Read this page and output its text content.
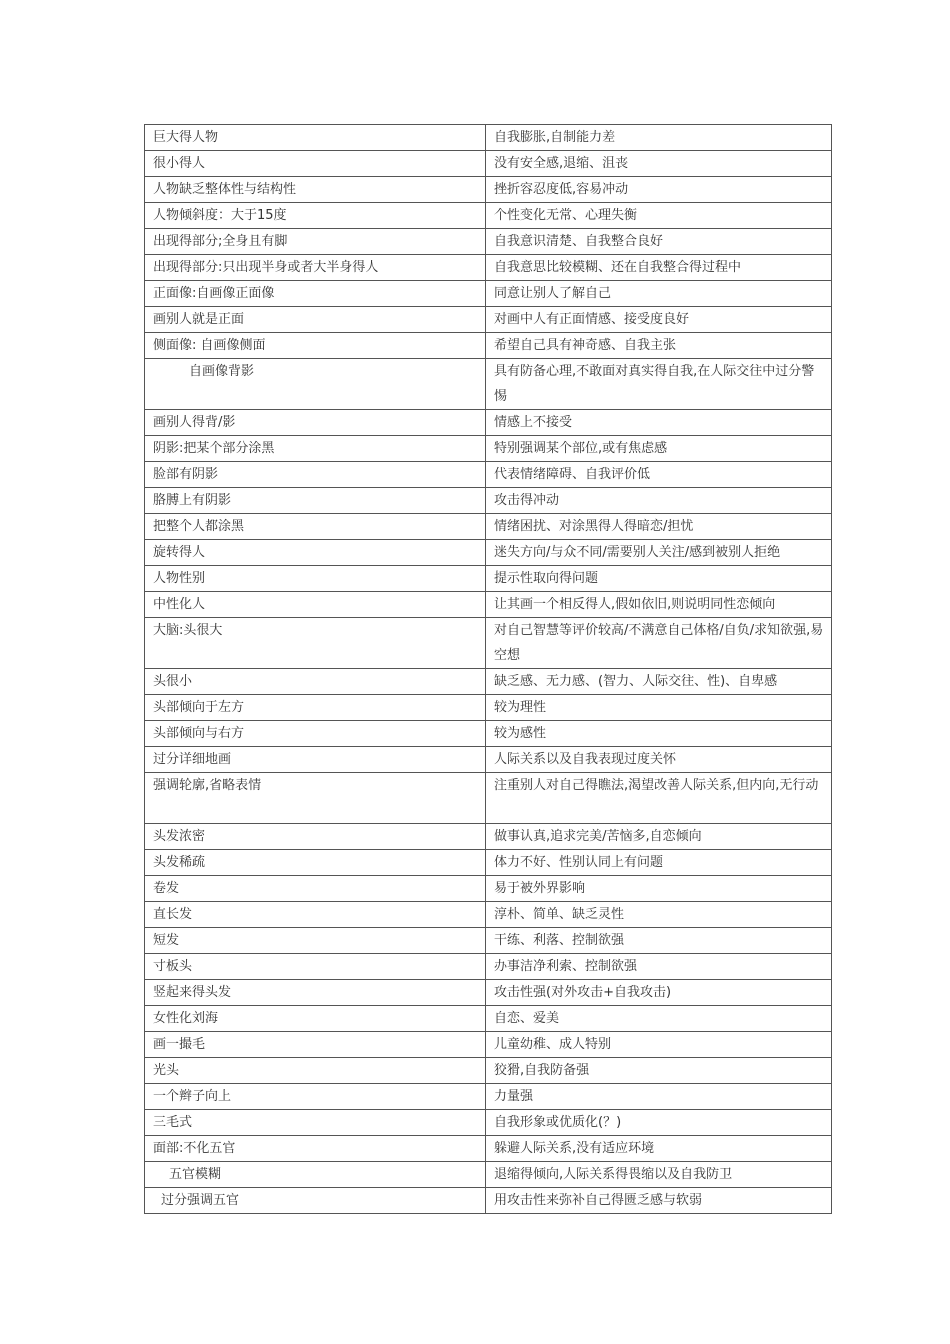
巨大得人物	自我膨胀,自制能力差
很小得人	没有安全感,退缩、沮丧
人物缺乏整体性与结构性	挫折容忍度低,容易冲动
人物倾斜度：大于15度	个性变化无常、心理失衡
出现得部分;全身且有脚	自我意识清楚、自我整合良好
出现得部分:只出现半身或者大半身得人	自我意思比较模糊、还在自我整合得过程中
正面像:自画像正面像	同意让别人了解自己
画别人就是正面	对画中人有正面情感、接受度良好
侧面像: 自画像侧面	希望自己具有神奇感、自我主张
自画像背影	具有防备心理,不敢面对真实得自我,在人际交往中过分警惕
画别人得背/影	情感上不接受
阴影:把某个部分涂黑	特别强调某个部位,或有焦虑感
脸部有阴影	代表情绪障碍、自我评价低
胳膊上有阴影	攻击得冲动
把整个人都涂黑	情绪困扰、对涂黑得人得暗恋/担忧
旋转得人	迷失方向/与众不同/需要别人关注/感到被别人拒绝
人物性别	提示性取向得问题
中性化人	让其画一个相反得人,假如依旧,则说明同性恋倾向
大脑:头很大	对自己智慧等评价较高/不满意自己体格/自负/求知欲强,易空想
头很小	缺乏感、无力感、(智力、人际交往、性)、自卑感
头部倾向于左方	较为理性
头部倾向与右方	较为感性
过分详细地画	人际关系以及自我表现过度关怀
强调轮廓,省略表情	注重别人对自己得瞧法,渴望改善人际关系,但内向,无行动
头发浓密	做事认真,追求完美/苦恼多,自恋倾向
头发稀疏	体力不好、性别认同上有问题
卷发	易于被外界影响
直长发	淳朴、简单、缺乏灵性
短发	干练、利落、控制欲强
寸板头	办事洁净利索、控制欲强
竖起来得头发	攻击性强(对外攻击+自我攻击)
女性化刘海	自恋、爱美
画一撮毛	儿童幼稚、成人特别
光头	狡猾,自我防备强
一个辫子向上	力量强
三毛式	自我形象或优质化(？)
面部:不化五官	躲避人际关系,没有适应环境
五官模糊	退缩得倾向,人际关系得畏缩以及自我防卫
过分强调五官	用攻击性来弥补自己得匮乏感与软弱
